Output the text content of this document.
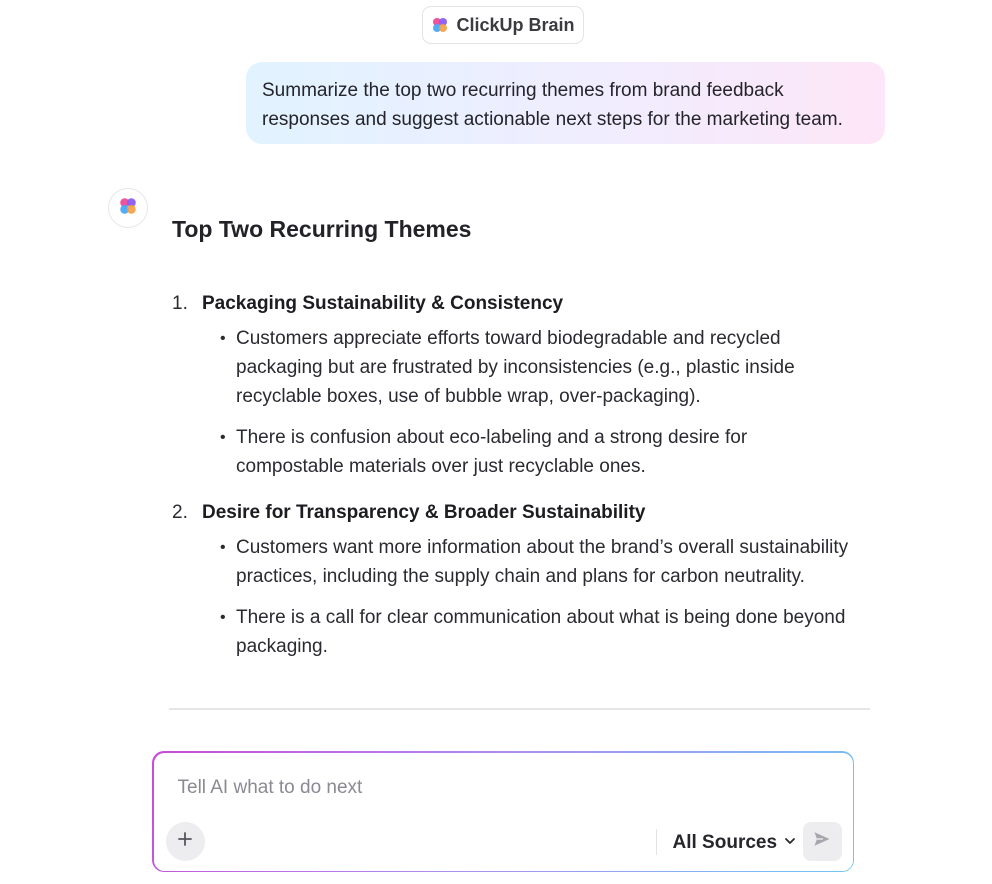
ClickUp Brain
Summarize the top two recurring themes from brand feedback responses and suggest actionable next steps for the marketing team.
Top Two Recurring Themes
1. Packaging Sustainability & Consistency
• Customers appreciate efforts toward biodegradable and recycled packaging but are frustrated by inconsistencies (e.g., plastic inside recyclable boxes, use of bubble wrap, over-packaging).
• There is confusion about eco-labeling and a strong desire for compostable materials over just recyclable ones.
2. Desire for Transparency & Broader Sustainability
• Customers want more information about the brand’s overall sustainability practices, including the supply chain and plans for carbon neutrality.
• There is a call for clear communication about what is being done beyond packaging.
Tell AI what to do next
All Sources
